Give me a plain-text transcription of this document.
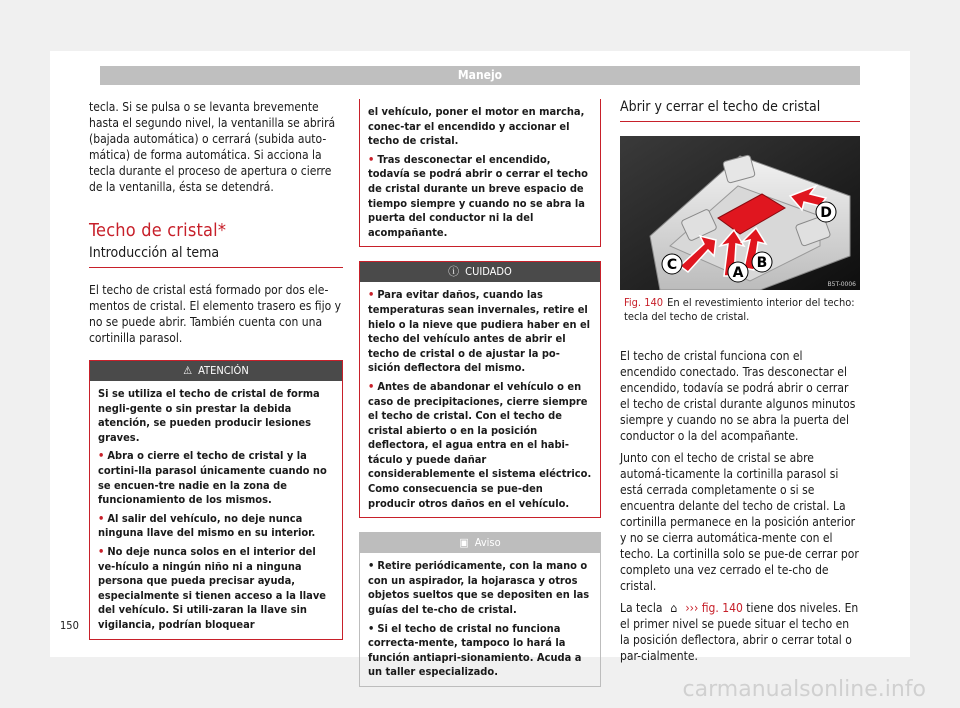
Manejo

tecla. Si se pulsa o se levanta brevemente hasta el segundo nivel, la ventanilla se abrirá (bajada automática) o cerrará (subida auto-mática) de forma automática. Si acciona la tecla durante el proceso de apertura o cierre de la ventanilla, ésta se detendrá.

Techo de cristal*
Introducción al tema

El techo de cristal está formado por dos ele-mentos de cristal. El elemento trasero es fijo y no se puede abrir. También cuenta con una cortinilla parasol.

⚠ ATENCIÓN

Si se utiliza el techo de cristal de forma negli-gente o sin prestar la debida atención, se pueden producir lesiones graves.

• Abra o cierre el techo de cristal y la cortini-lla parasol únicamente cuando no se encuen-tre nadie en la zona de funcionamiento de los mismos.

• Al salir del vehículo, no deje nunca ninguna llave del mismo en su interior.

• No deje nunca solos en el interior del ve-hículo a ningún niño ni a ninguna persona que pueda precisar ayuda, especialmente si tienen acceso a la llave del vehículo. Si utili-zaran la llave sin vigilancia, podrían bloquear

el vehículo, poner el motor en marcha, conec-tar el encendido y accionar el techo de cristal.

• Tras desconectar el encendido, todavía se podrá abrir o cerrar el techo de cristal durante un breve espacio de tiempo siempre y cuando no se abra la puerta del conductor ni la del acompañante.

ⓘ CUIDADO

• Para evitar daños, cuando las temperaturas sean invernales, retire el hielo o la nieve que pudiera haber en el techo del vehículo antes de abrir el techo de cristal o de ajustar la po-sición deflectora del mismo.

• Antes de abandonar el vehículo o en caso de precipitaciones, cierre siempre el techo de cristal. Con el techo de cristal abierto o en la posición deflectora, el agua entra en el habi-táculo y puede dañar considerablemente el sistema eléctrico. Como consecuencia se pue-den producir otros daños en el vehículo.

▣ Aviso

• Retire periódicamente, con la mano o con un aspirador, la hojarasca y otros objetos sueltos que se depositen en las guías del te-cho de cristal.

• Si el techo de cristal no funciona correcta-mente, tampoco lo hará la función antiapri-sionamiento. Acuda a un taller especializado.

Abrir y cerrar el techo de cristal
D
C	A
B
B5T-0006
Fig. 140 En el revestimiento interior del techo: tecla del techo de cristal.

El techo de cristal funciona con el encendido conectado. Tras desconectar el encendido, todavía se podrá abrir o cerrar el techo de cristal durante algunos minutos siempre y cuando no se abra la puerta del conductor o la del acompañante.

Junto con el techo de cristal se abre automá-ticamente la cortinilla parasol si está cerrada completamente o si se encuentra delante del techo de cristal. La cortinilla permanece en la posición anterior y no se cierra automática-mente con el techo. La cortinilla solo se pue-de cerrar por completo una vez cerrado el te-cho de cristal.

La tecla ⌂ ››› fig. 140 tiene dos niveles. En el primer nivel se puede situar el techo en la posición deflectora, abrir o cerrar total o par-cialmente.

150
carmanualsonline.info
